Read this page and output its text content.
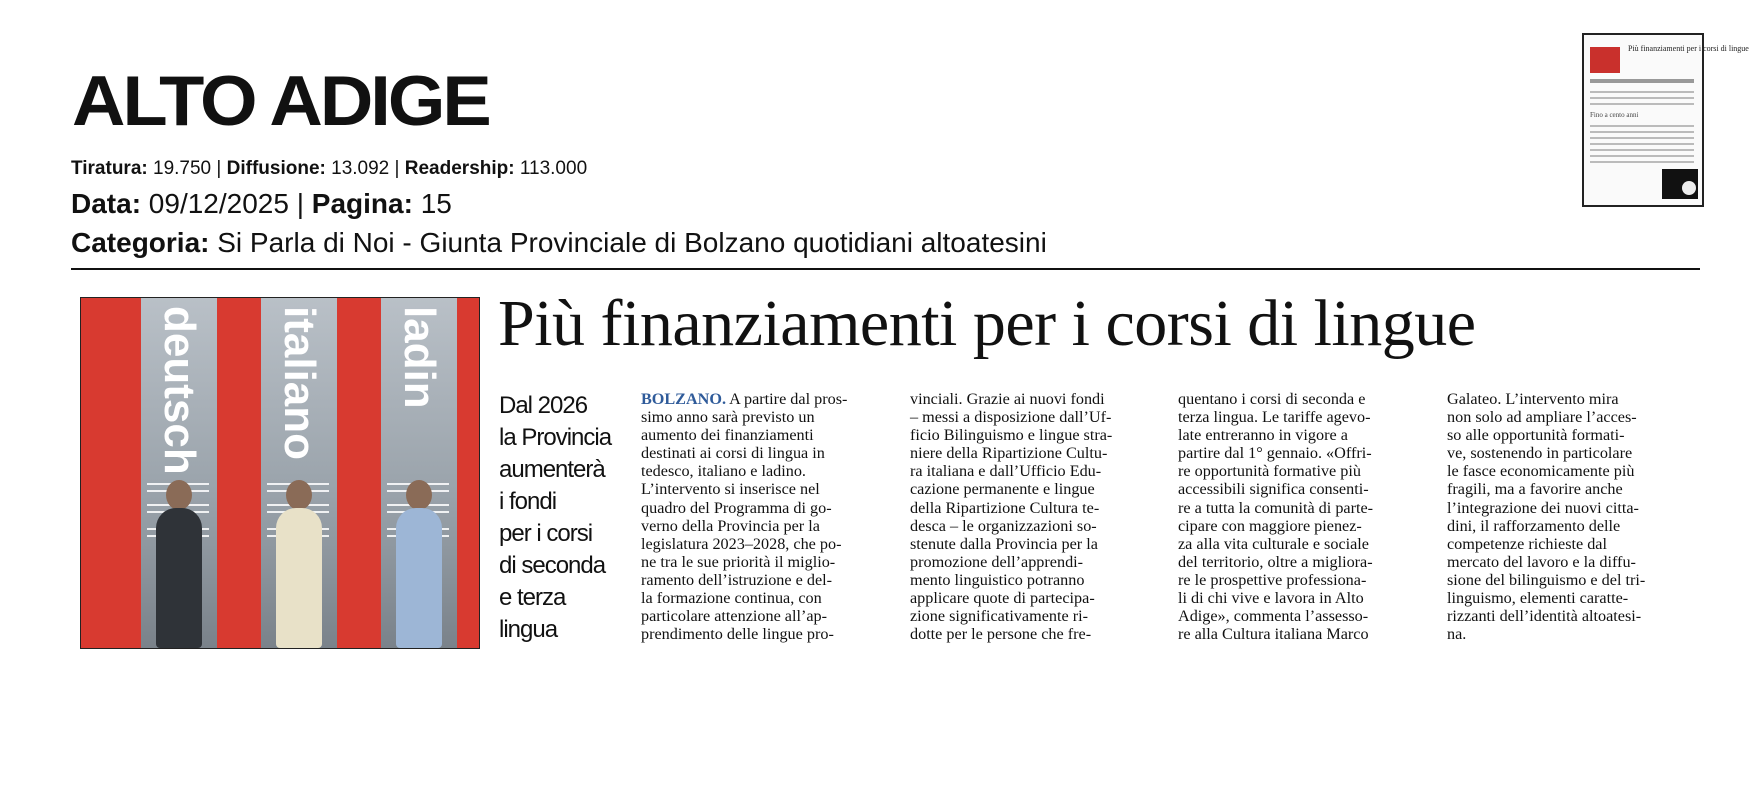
ALTO ADIGE
Tiratura: 19.750 | Diffusione: 13.092 | Readership: 113.000
Data: 09/12/2025 | Pagina: 15
Categoria: Si Parla di Noi - Giunta Provinciale di Bolzano quotidiani altoatesini
Più finanziamenti per i corsi di lingue
Fino a cento anni
deutsch italiano ladin Più finanziamenti per i corsi di lingue
Dal 2026
la Provincia
aumenterà
i fondi
per i corsi
di seconda
e terza
lingua
BOLZANO. A partire dal pros-
simo anno sarà previsto un
aumento dei finanziamenti
destinati ai corsi di lingua in
tedesco, italiano e ladino.
L’intervento si inserisce nel
quadro del Programma di go-
verno della Provincia per la
legislatura 2023–2028, che po-
ne tra le sue priorità il miglio-
ramento dell’istruzione e del-
la formazione continua, con
particolare attenzione all’ap-
prendimento delle lingue pro-
vinciali. Grazie ai nuovi fondi
– messi a disposizione dall’Uf-
ficio Bilinguismo e lingue stra-
niere della Ripartizione Cultu-
ra italiana e dall’Ufficio Edu-
cazione permanente e lingue
della Ripartizione Cultura te-
desca – le organizzazioni so-
stenute dalla Provincia per la
promozione dell’apprendi-
mento linguistico potranno
applicare quote di partecipa-
zione significativamente ri-
dotte per le persone che fre-
quentano i corsi di seconda e
terza lingua. Le tariffe agevo-
late entreranno in vigore a
partire dal 1° gennaio. «Offri-
re opportunità formative più
accessibili significa consenti-
re a tutta la comunità di parte-
cipare con maggiore pienez-
za alla vita culturale e sociale
del territorio, oltre a migliora-
re le prospettive professiona-
li di chi vive e lavora in Alto
Adige», commenta l’assesso-
re alla Cultura italiana Marco
Galateo. L’intervento mira
non solo ad ampliare l’acces-
so alle opportunità formati-
ve, sostenendo in particolare
le fasce economicamente più
fragili, ma a favorire anche
l’integrazione dei nuovi citta-
dini, il rafforzamento delle
competenze richieste dal
mercato del lavoro e la diffu-
sione del bilinguismo e del tri-
linguismo, elementi caratte-
rizzanti dell’identità altoatesi-
na.
